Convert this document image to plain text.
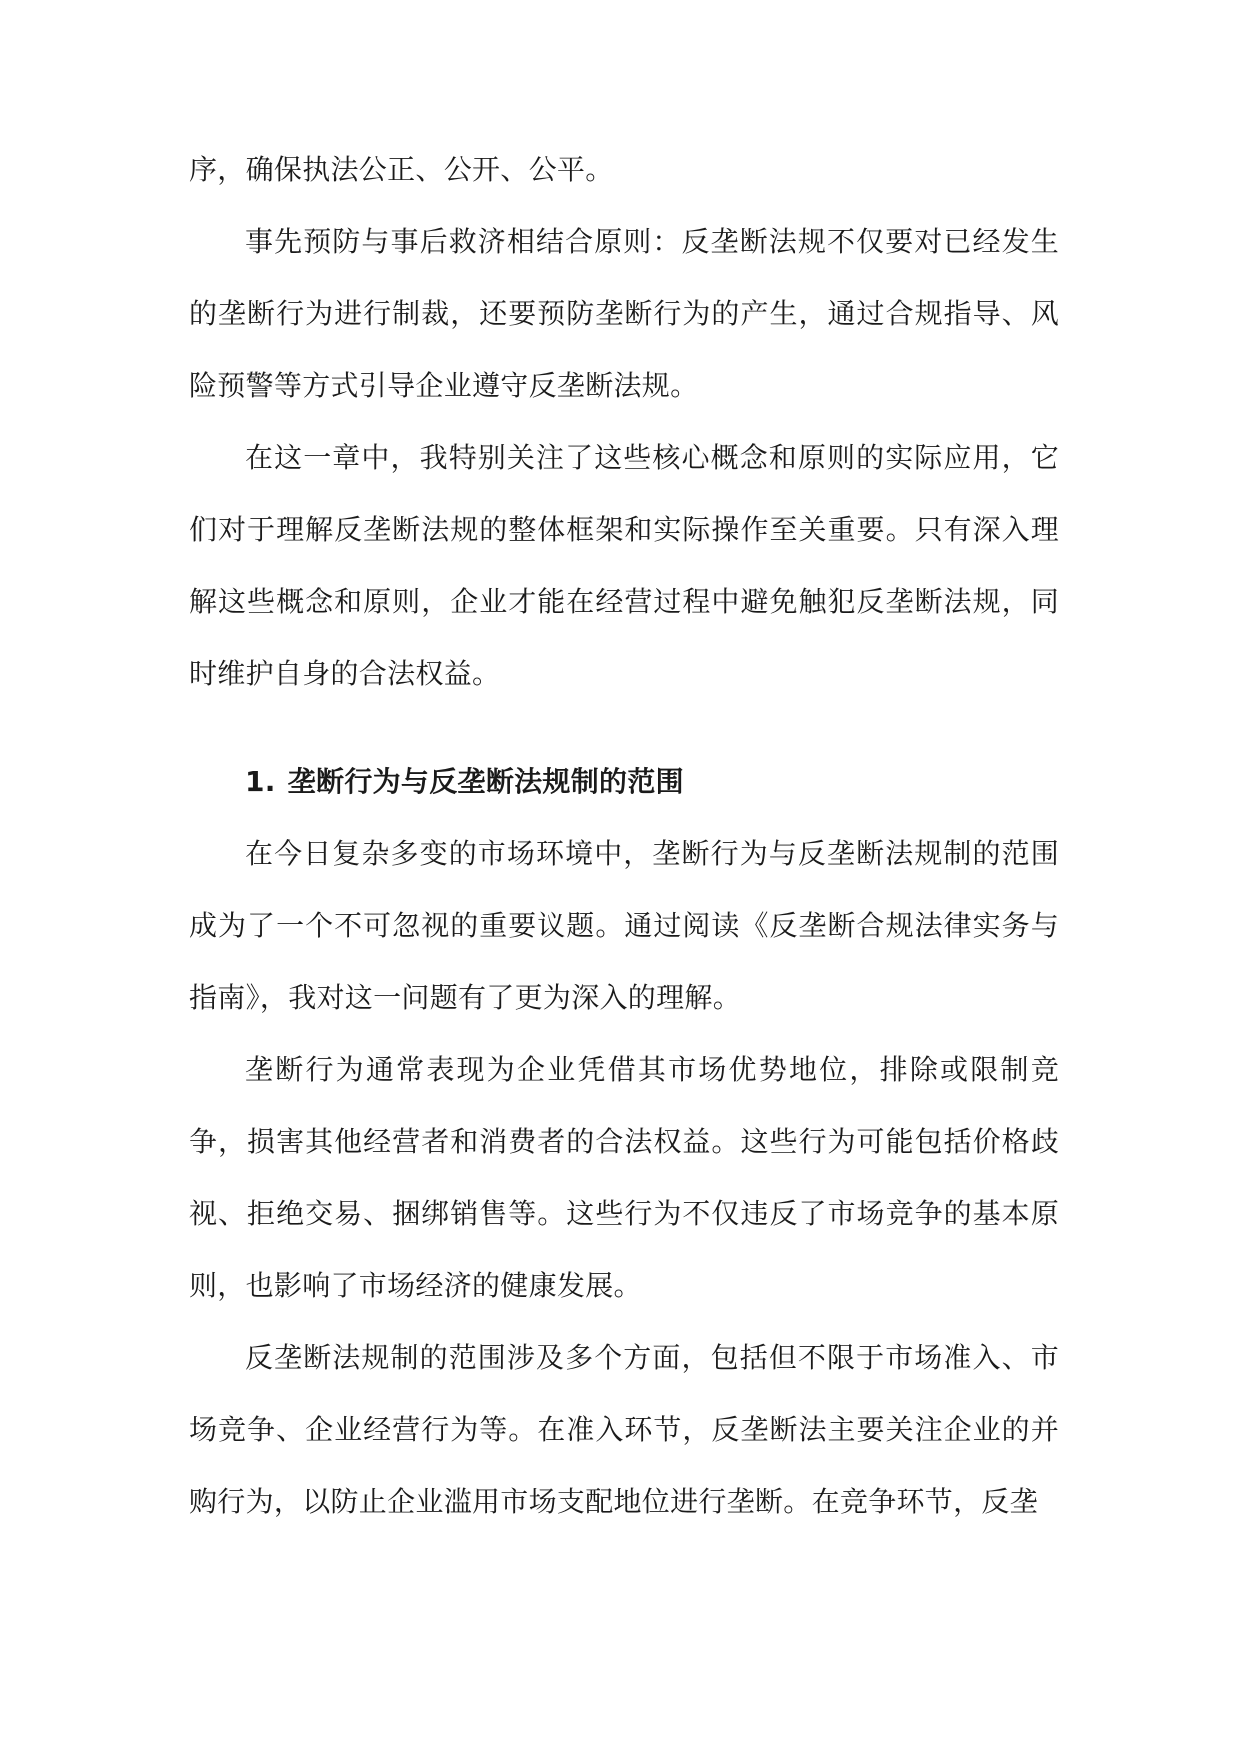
序，确保执法公正、公开、公平。

事先预防与事后救济相结合原则：反垄断法规不仅要对已经发生的垄断行为进行制裁，还要预防垄断行为的产生，通过合规指导、风险预警等方式引导企业遵守反垄断法规。

在这一章中，我特别关注了这些核心概念和原则的实际应用，它们对于理解反垄断法规的整体框架和实际操作至关重要。只有深入理解这些概念和原则，企业才能在经营过程中避免触犯反垄断法规，同时维护自身的合法权益。

1. 垄断行为与反垄断法规制的范围

在今日复杂多变的市场环境中，垄断行为与反垄断法规制的范围成为了一个不可忽视的重要议题。通过阅读《反垄断合规法律实务与指南》，我对这一问题有了更为深入的理解。

垄断行为通常表现为企业凭借其市场优势地位，排除或限制竞争，损害其他经营者和消费者的合法权益。这些行为可能包括价格歧视、拒绝交易、捆绑销售等。这些行为不仅违反了市场竞争的基本原则，也影响了市场经济的健康发展。

反垄断法规制的范围涉及多个方面，包括但不限于市场准入、市场竞争、企业经营行为等。在准入环节，反垄断法主要关注企业的并购行为，以防止企业滥用市场支配地位进行垄断。在竞争环节，反垄
